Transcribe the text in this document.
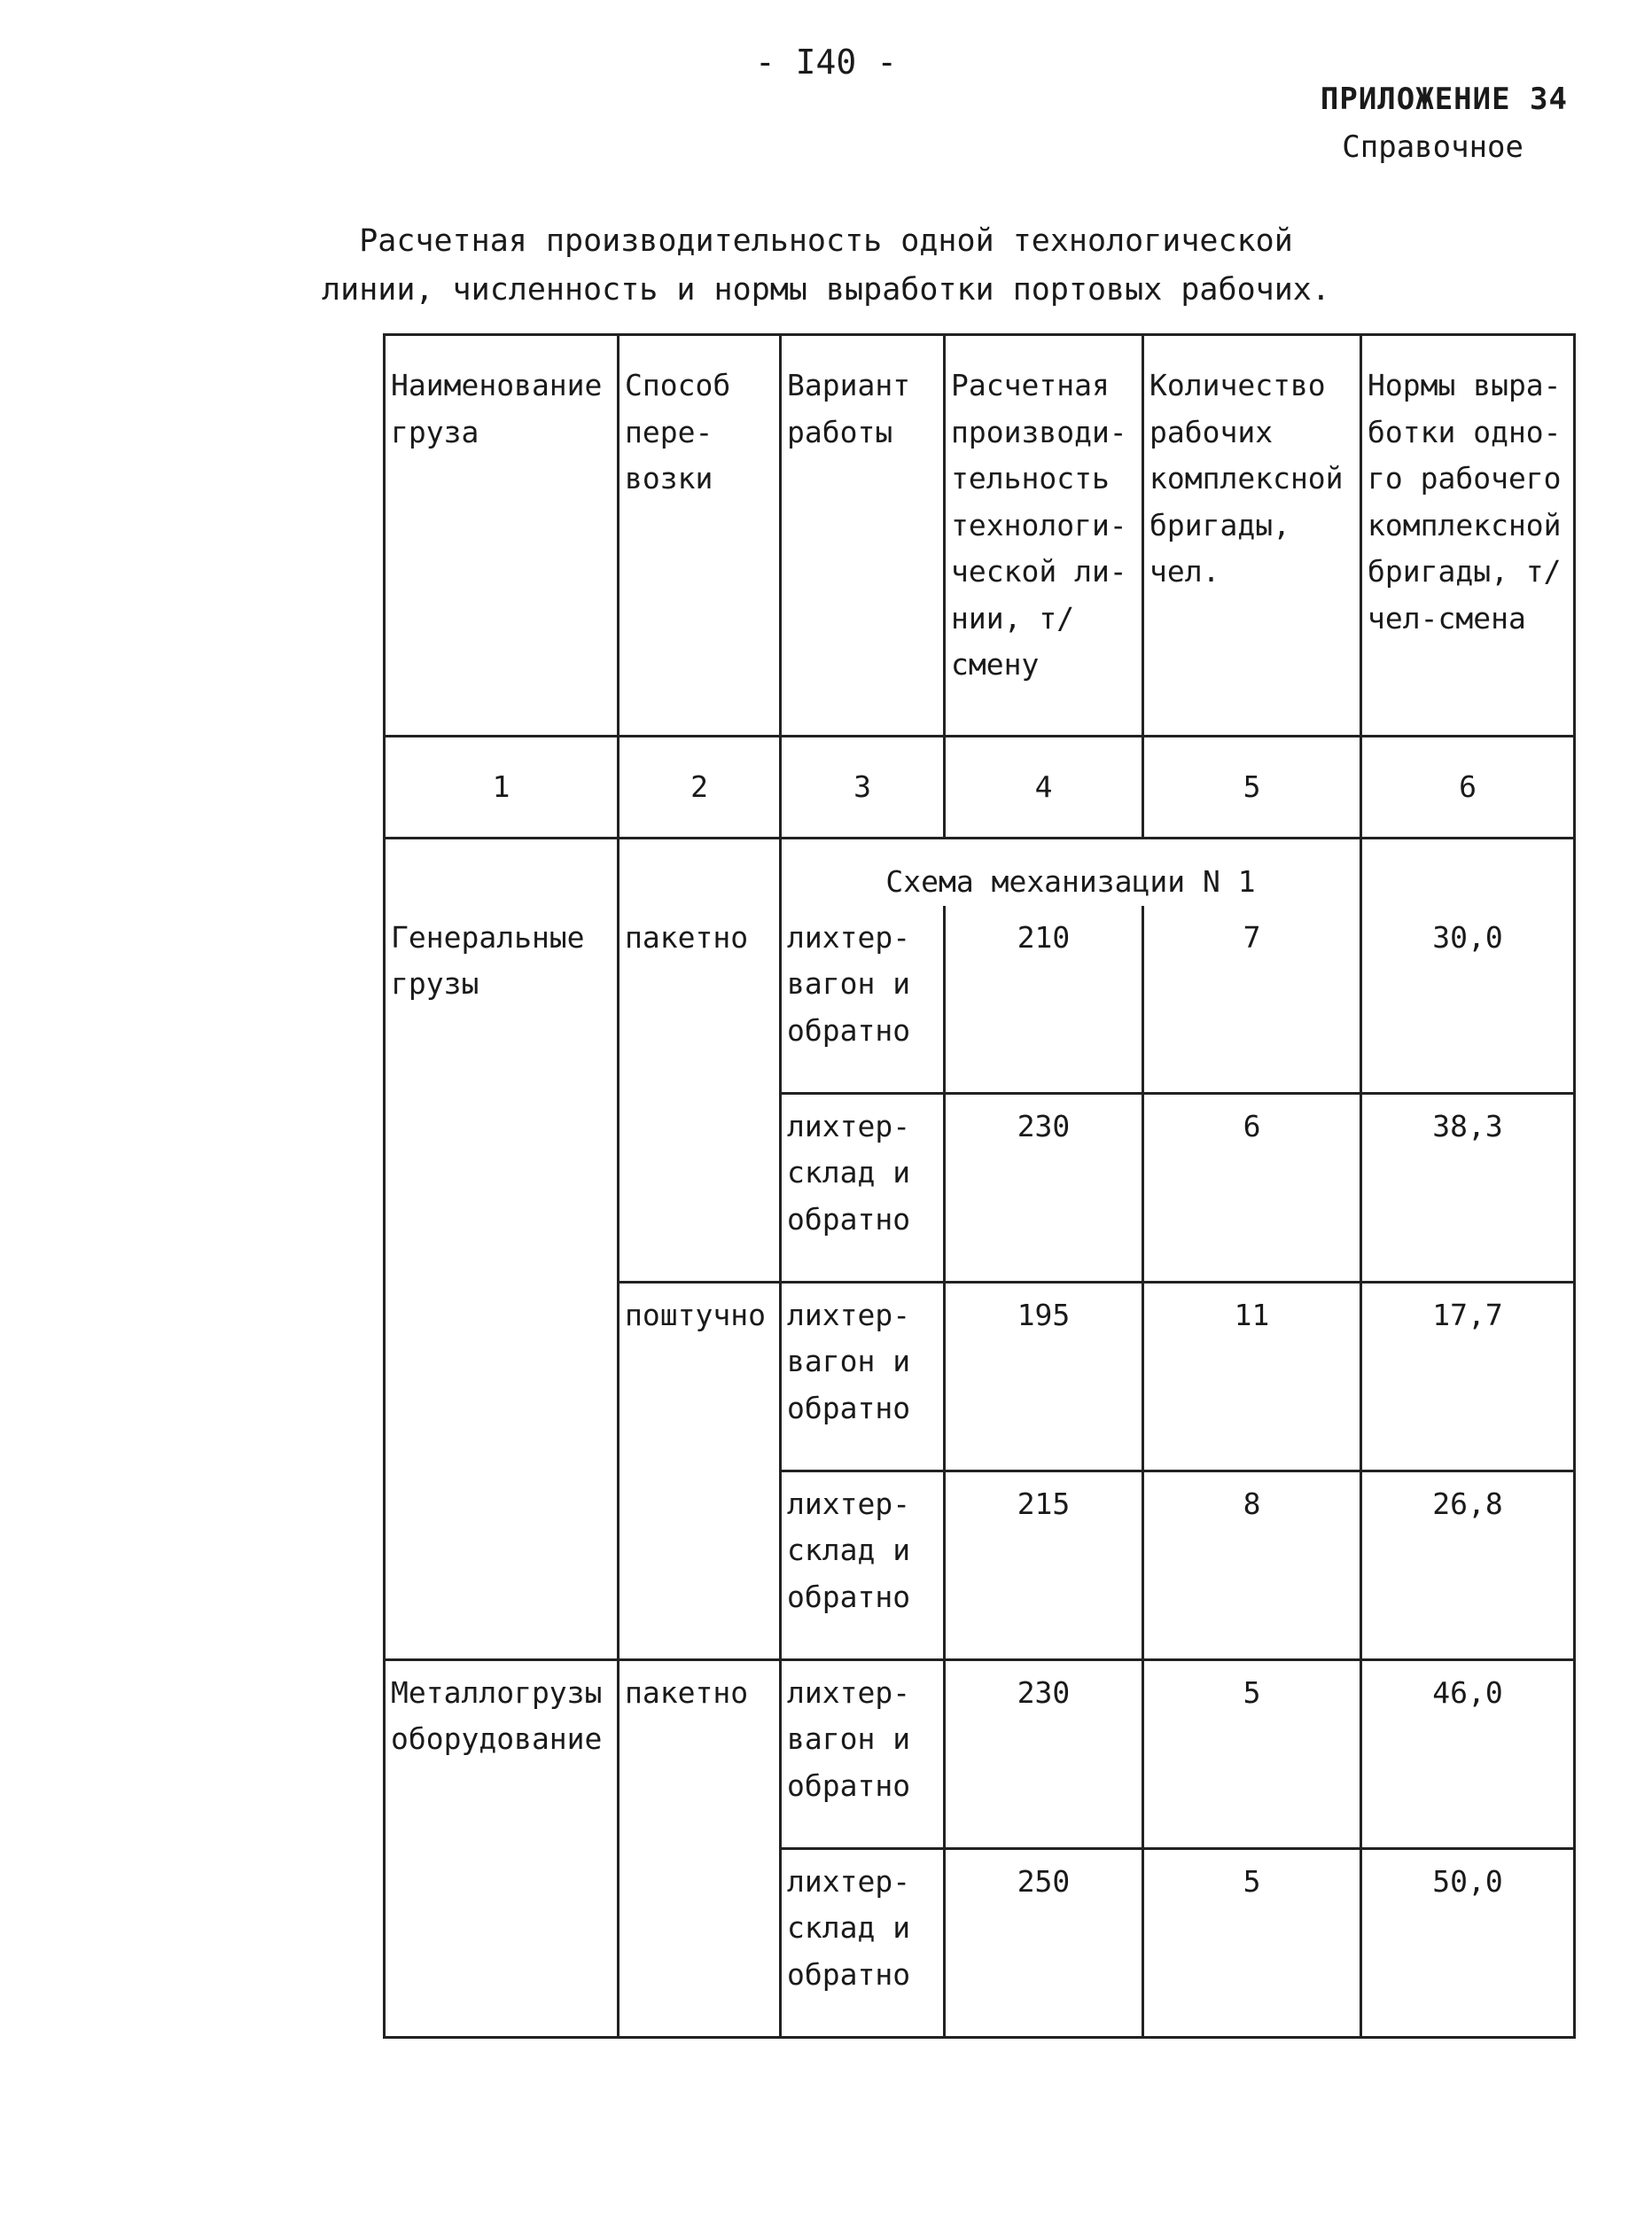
- I40 -
ПРИЛОЖЕНИЕ 34
Справочное
Расчетная производительность одной технологической
линии, численность и нормы выработки портовых рабочих.
Наименование груза	Способ пере-возки	Вариант работы	Расчетная производи-тельность технологи-ческой ли-нии, т/смену	Количество рабочих комплексной бригады, чел.	Нормы выра-ботки одно-го рабочего комплексной бригады, т/чел-смена
1	2	3	4	5	6
		Схема механизации N 1			
Генеральные грузы	пакетно	лихтер-вагон и обратно	210	7	30,0
		лихтер-склад и обратно	230	6	38,3
	поштучно	лихтер-вагон и обратно	195	11	17,7
		лихтер-склад и обратно	215	8	26,8
Металлогрузы оборудование	пакетно	лихтер-вагон и обратно	230	5	46,0
		лихтер-склад и обратно	250	5	50,0
